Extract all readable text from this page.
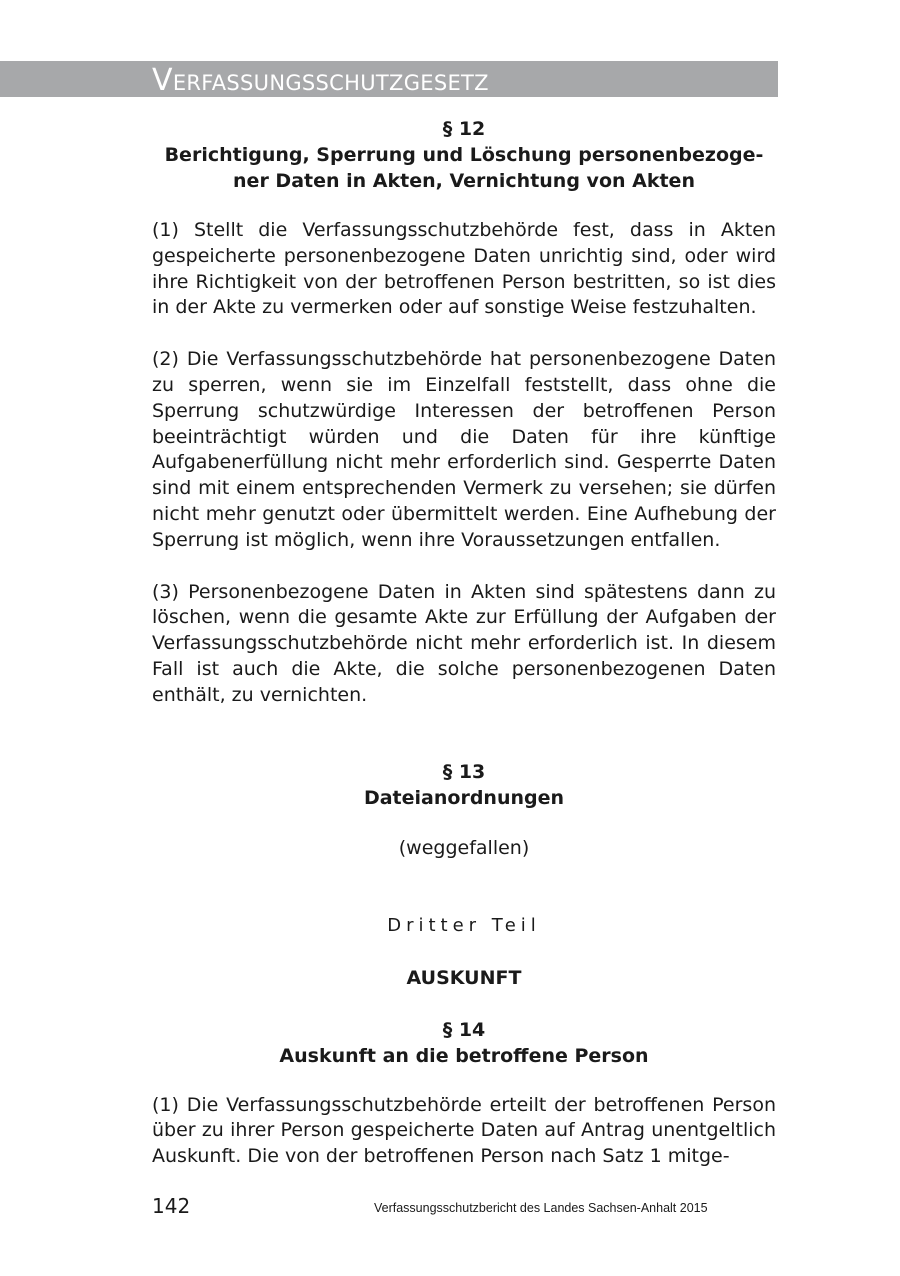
Verfassungsschutzgesetz

§ 12

Berichtigung, Sperrung und Löschung personenbezoge-

ner Daten in Akten, Vernichtung von Akten

(1) Stellt die Verfassungsschutzbehörde fest, dass in Akten gespeicherte personenbezogene Daten unrichtig sind, oder wird ihre Richtigkeit von der betroffenen Person bestritten, so ist dies in der Akte zu vermerken oder auf sonstige Weise festzuhalten.

(2) Die Verfassungsschutzbehörde hat personenbezogene Daten zu sperren, wenn sie im Einzelfall feststellt, dass ohne die Sperrung schutzwürdige Interessen der betroffenen Person beeinträchtigt würden und die Daten für ihre künftige Aufgabenerfüllung nicht mehr erforderlich sind. Gesperrte Daten sind mit einem entsprechenden Vermerk zu versehen; sie dürfen nicht mehr genutzt oder übermittelt werden. Eine Aufhebung der Sperrung ist möglich, wenn ihre Voraussetzungen entfallen.

(3) Personenbezogene Daten in Akten sind spätestens dann zu löschen, wenn die gesamte Akte zur Erfüllung der Aufgaben der Verfassungsschutzbehörde nicht mehr erforderlich ist. In diesem Fall ist auch die Akte, die solche personenbezogenen Daten enthält, zu vernichten.

§ 13

Dateianordnungen

(weggefallen)

Dritter Teil

AUSKUNFT

§ 14

Auskunft an die betroffene Person

(1) Die Verfassungsschutzbehörde erteilt der betroffenen Person über zu ihrer Person gespeicherte Daten auf Antrag unentgeltlich Auskunft. Die von der betroffenen Person nach Satz 1 mitge-

142	Verfassungsschutzbericht des Landes Sachsen-Anhalt 2015
